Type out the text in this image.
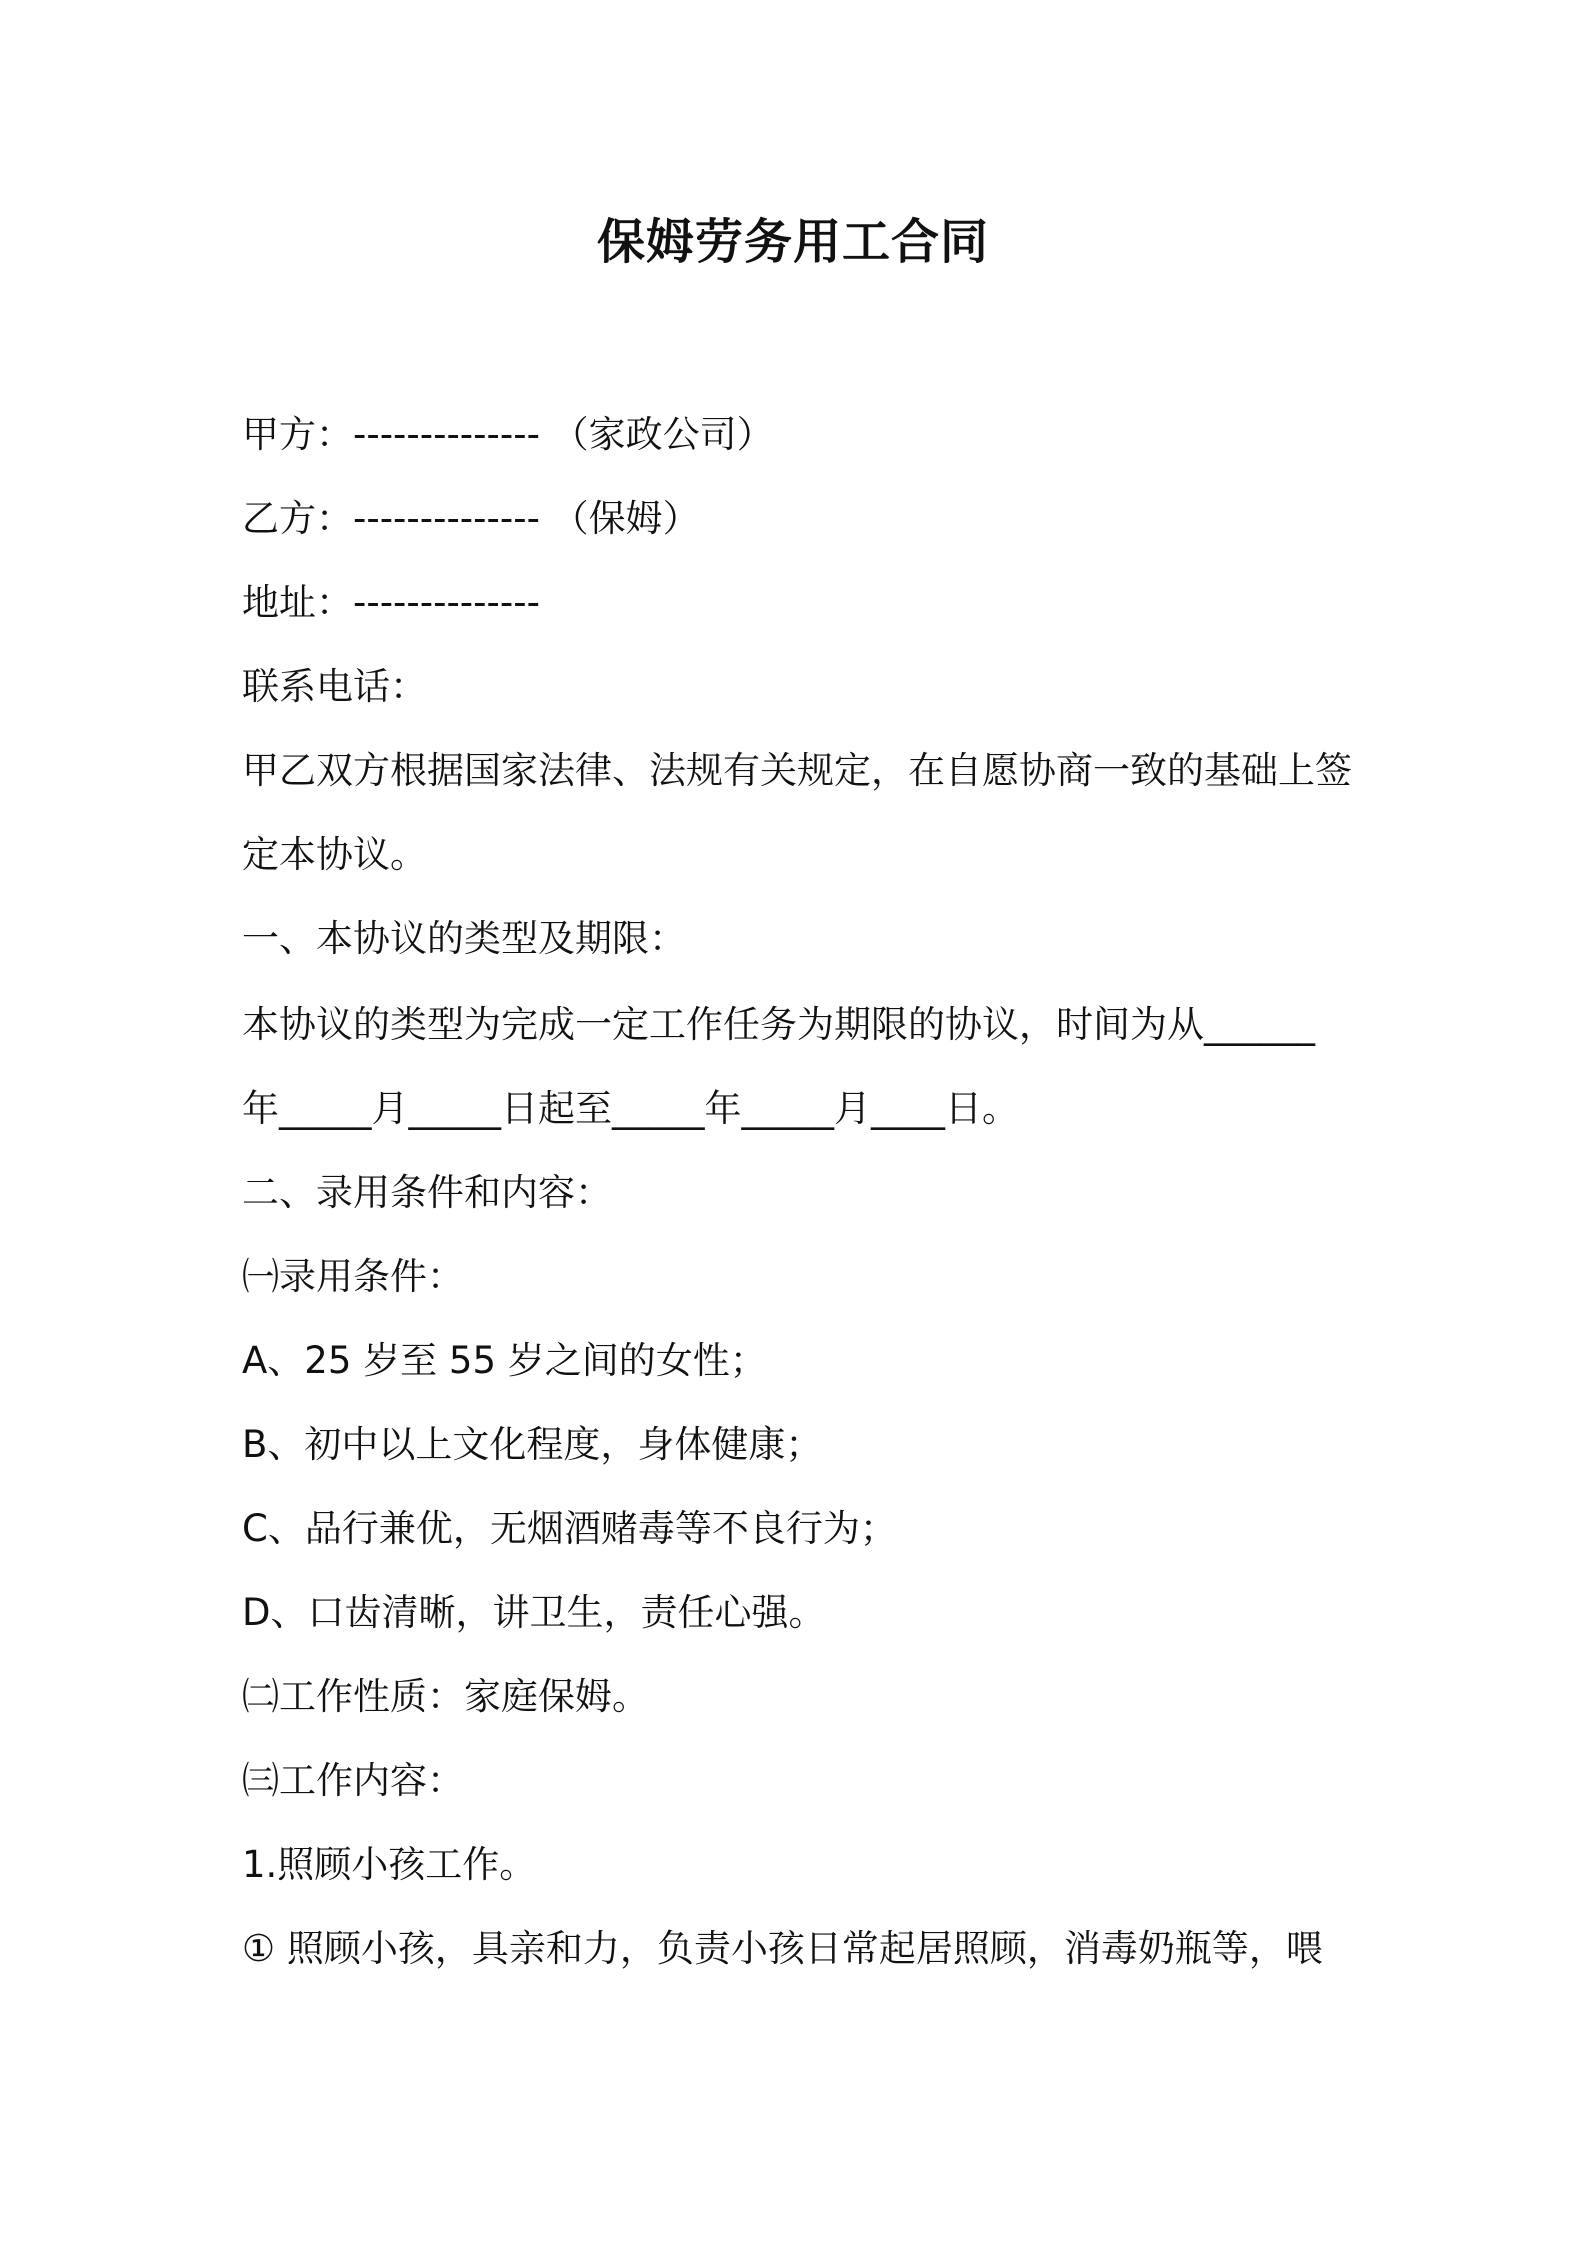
保姆劳务用工合同
甲方：-------------- （家政公司）
乙方：-------------- （保姆）
地址：--------------
联系电话：
甲乙双方根据国家法律、法规有关规定，在自愿协商一致的基础上签
定本协议。
一、本协议的类型及期限：
本协议的类型为完成一定工作任务为期限的协议，时间为从______
年_____月_____日起至_____年_____月____日。
二、录用条件和内容：
㈠录用条件：
A、25 岁至 55 岁之间的女性；
B、初中以上文化程度，身体健康；
C、品行兼优，无烟酒赌毒等不良行为；
D、口齿清晰，讲卫生，责任心强。
㈡工作性质：家庭保姆。
㈢工作内容：
1.照顾小孩工作。
① 照顾小孩，具亲和力，负责小孩日常起居照顾，消毒奶瓶等，喂
